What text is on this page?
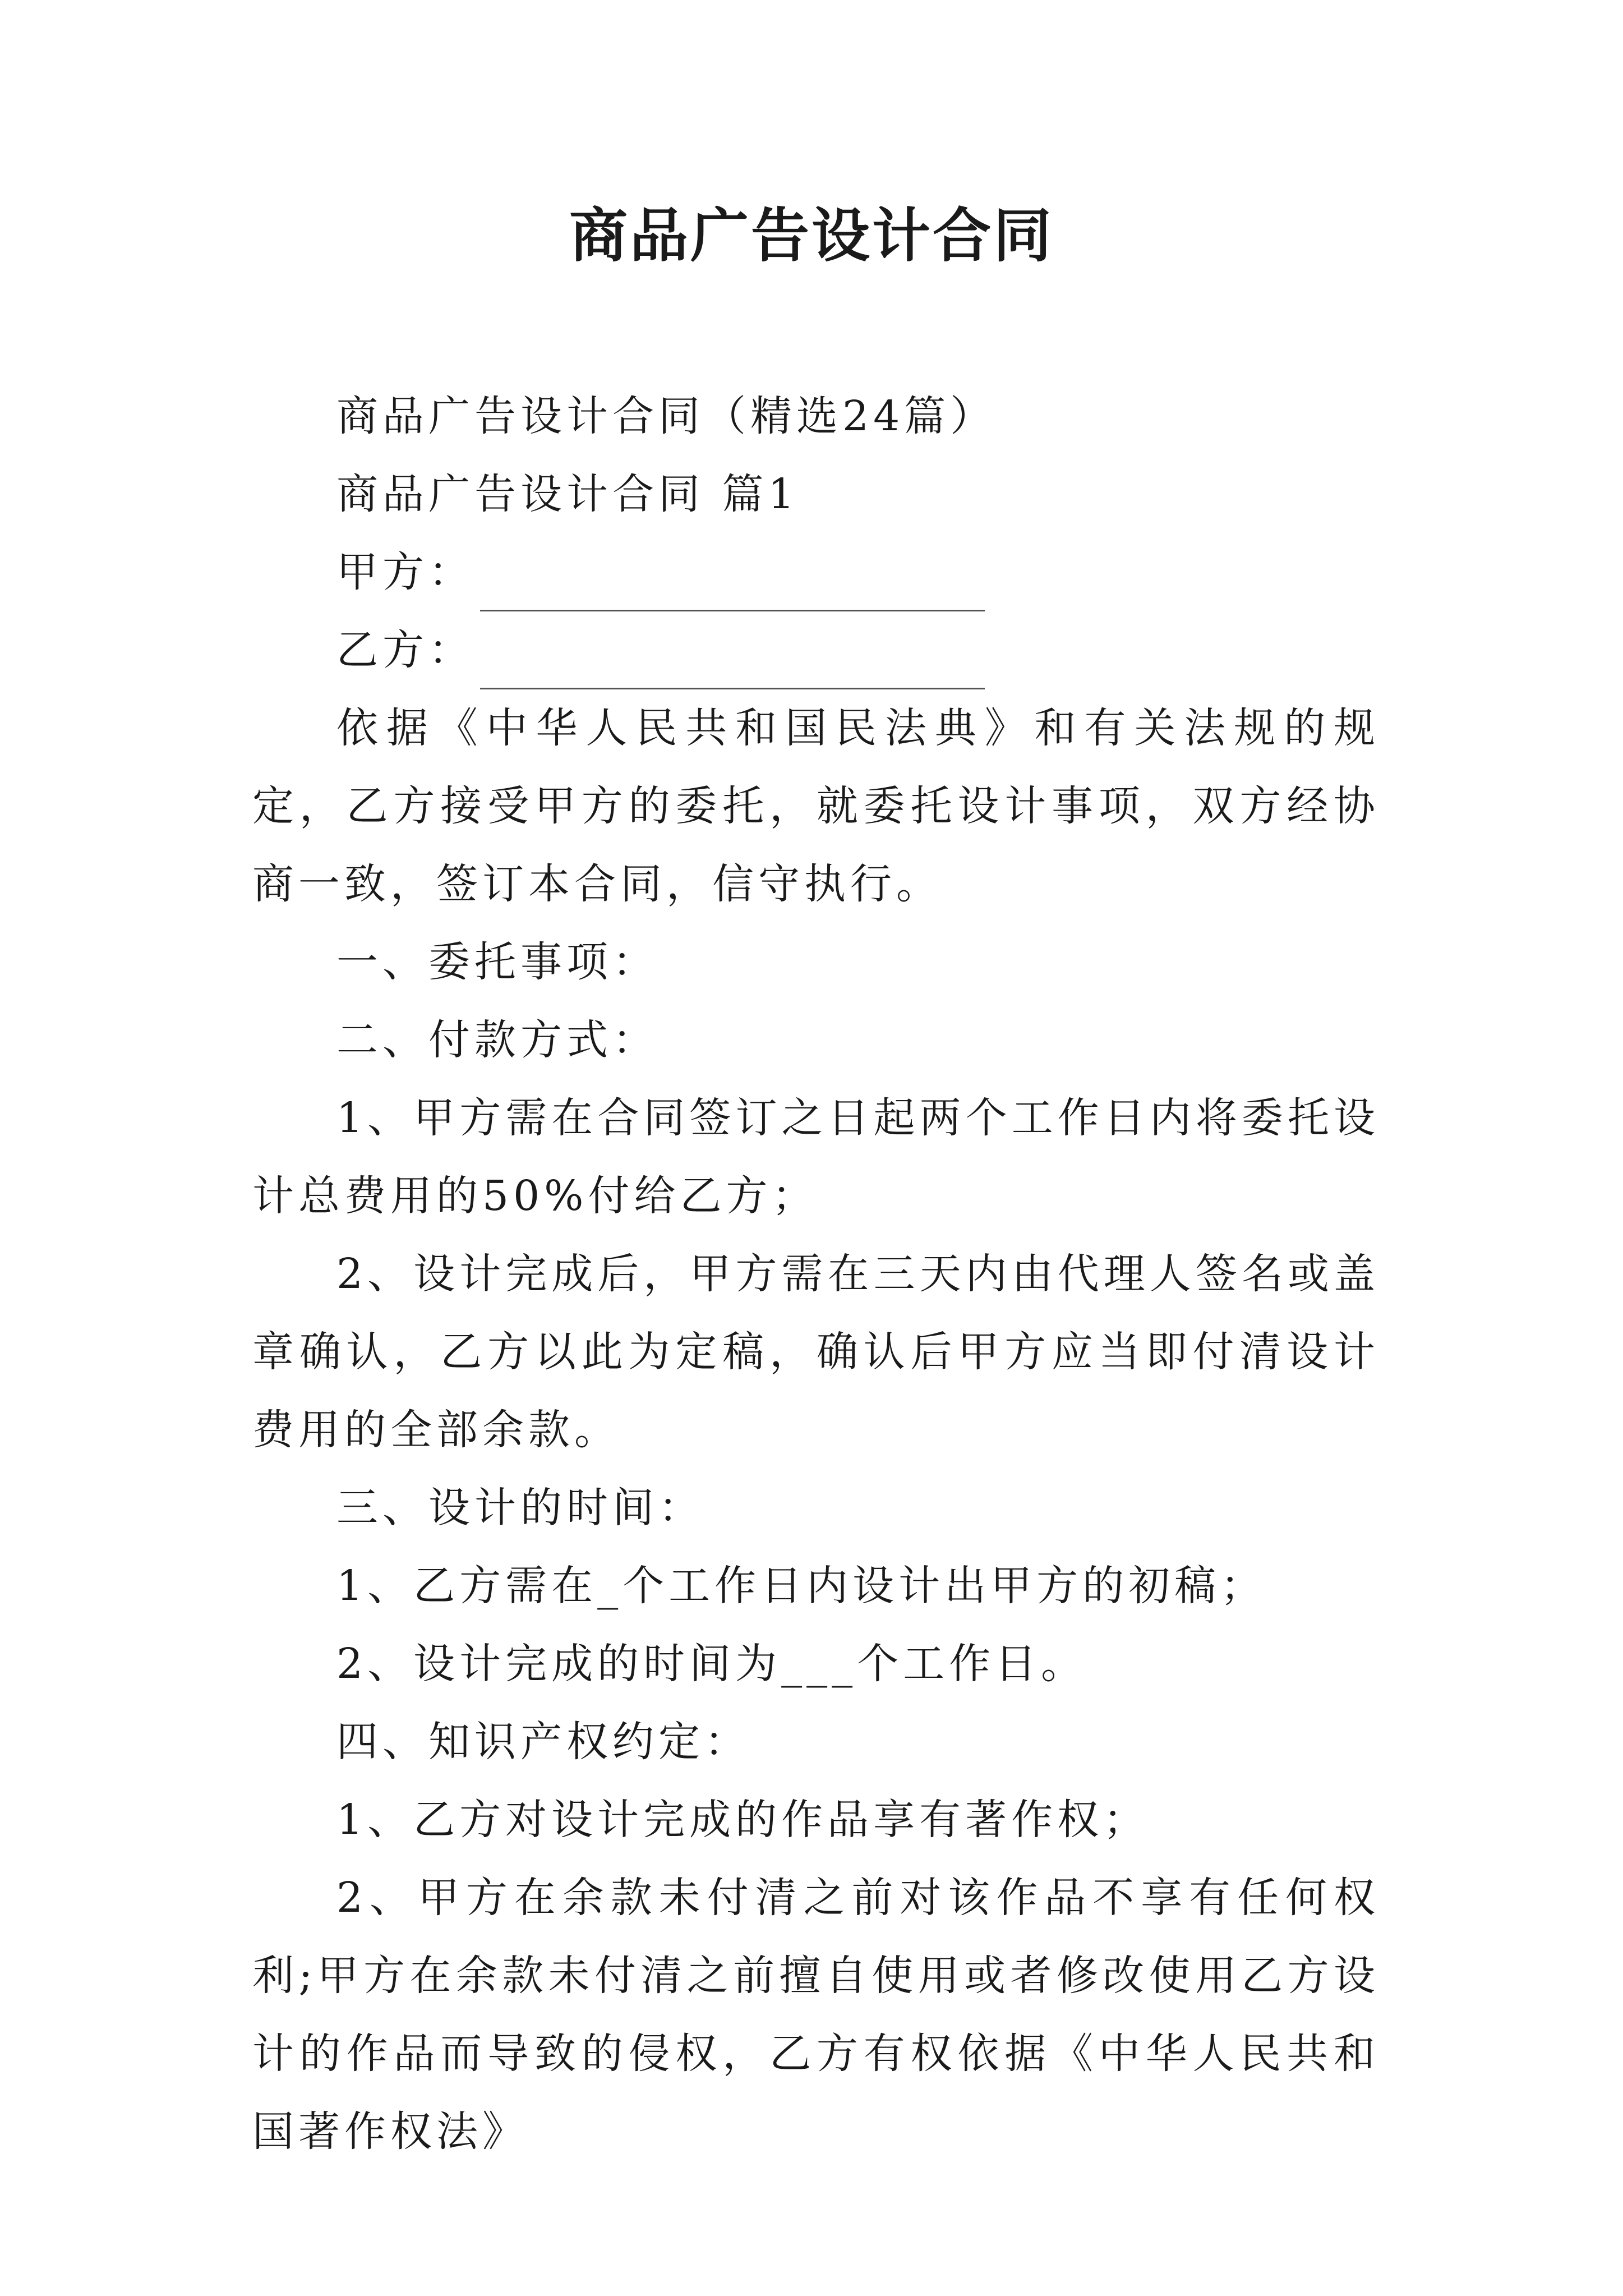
商品广告设计合同

商品广告设计合同（精选24篇）

商品广告设计合同 篇1

甲方：

乙方：

依据《中华人民共和国民法典》和有关法规的规定，乙方接受甲方的委托，就委托设计事项，双方经协商一致，签订本合同，信守执行。

一、委托事项：

二、付款方式：

1、甲方需在合同签订之日起两个工作日内将委托设计总费用的50%付给乙方；

2、设计完成后，甲方需在三天内由代理人签名或盖章确认，乙方以此为定稿，确认后甲方应当即付清设计费用的全部余款。

三、设计的时间：

1、乙方需在_个工作日内设计出甲方的初稿；

2、设计完成的时间为___个工作日。

四、知识产权约定：

1、乙方对设计完成的作品享有著作权；

2、甲方在余款未付清之前对该作品不享有任何权利;甲方在余款未付清之前擅自使用或者修改使用乙方设计的作品而导致的侵权，乙方有权依据《中华人民共和国著作权法》
